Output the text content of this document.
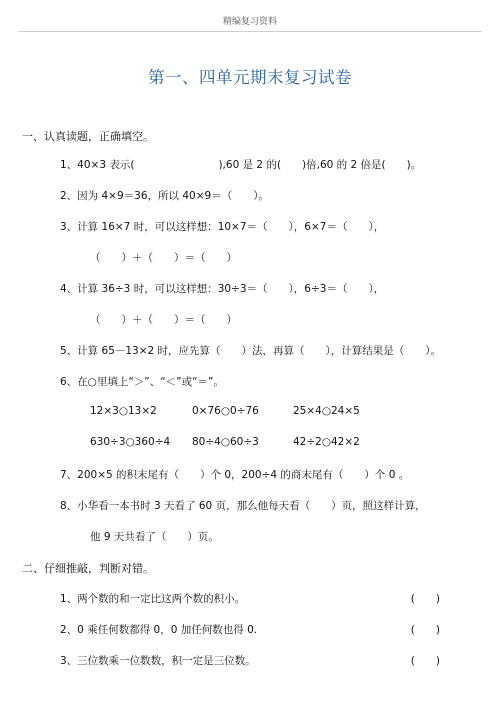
精编复习资料
第一、四单元期末复习试卷
一、认真读题，正确填空。
1、40×3 表示(　　　　　　　　),60 是 2 的(　　)倍,60 的 2 倍是(　　)。
2、因为 4×9＝36，所以 40×9＝（　　）。
3、计算 16×7 时，可以这样想：10×7＝（　　），6×7＝（　　），
（　　）＋（　　）＝（　　）
4、计算 36÷3 时，可以这样想：30÷3＝（　　），6÷3＝（　　），
（　　）＋（　　）＝（　　）
5、计算 65－13×2 时，应先算（　　）法，再算（　　），计算结果是（　　）。
6、在○里填上“＞”、“＜”或“＝”。
12×3○13×2	0×76○0÷76	25×4○24×5
630÷3○360÷4 80÷4○60÷3	42÷2○42×2
7、200×5 的积末尾有（　　）个 0，200÷4 的商末尾有（　　）个 0 。
8、小华看一本书时 3 天看了 60 页，那么他每天看（　　）页，照这样计算，
他 9 天共看了（　　）页。
二、仔细推敲，判断对错。
1、两个数的和一定比这两个数的积小。	(　　)
2、0 乘任何数都得 0，0 加任何数也得 0.	(　　)
3、三位数乘一位数数，积一定是三位数。	(　　)
